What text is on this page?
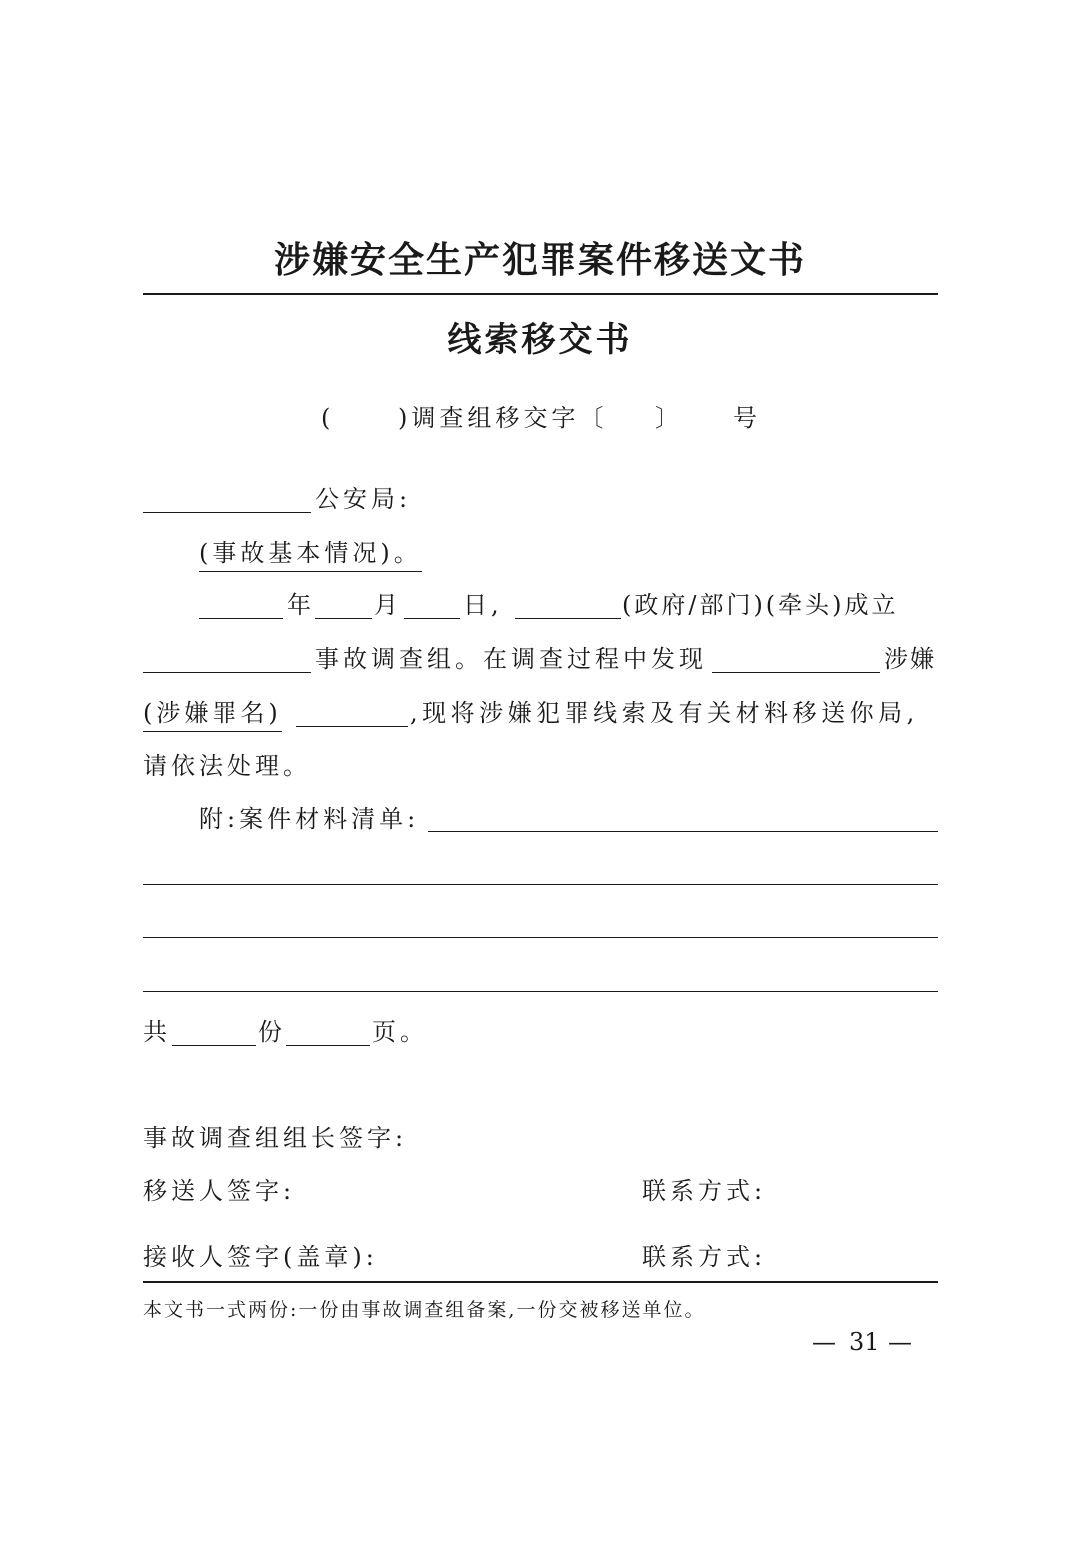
涉嫌安全生产犯罪案件移送文书
线索移交书
(	)调查组移交字〔 〕 号
公安局:
(事故基本情况)。
年 月	日,	(政府/部门)(牵头)成立
事故调查组。在调查过程中发现	涉嫌
(涉嫌罪名)	,现将涉嫌犯罪线索及有关材料移送你局,
请依法处理。
附:案件材料清单:
共	份	页。
事故调查组组长签字:
移送人签字:	联系方式:
接收人签字(盖章):	联系方式:
本文书一式两份:一份由事故调查组备案,一份交被移送单位。
— 31 —
